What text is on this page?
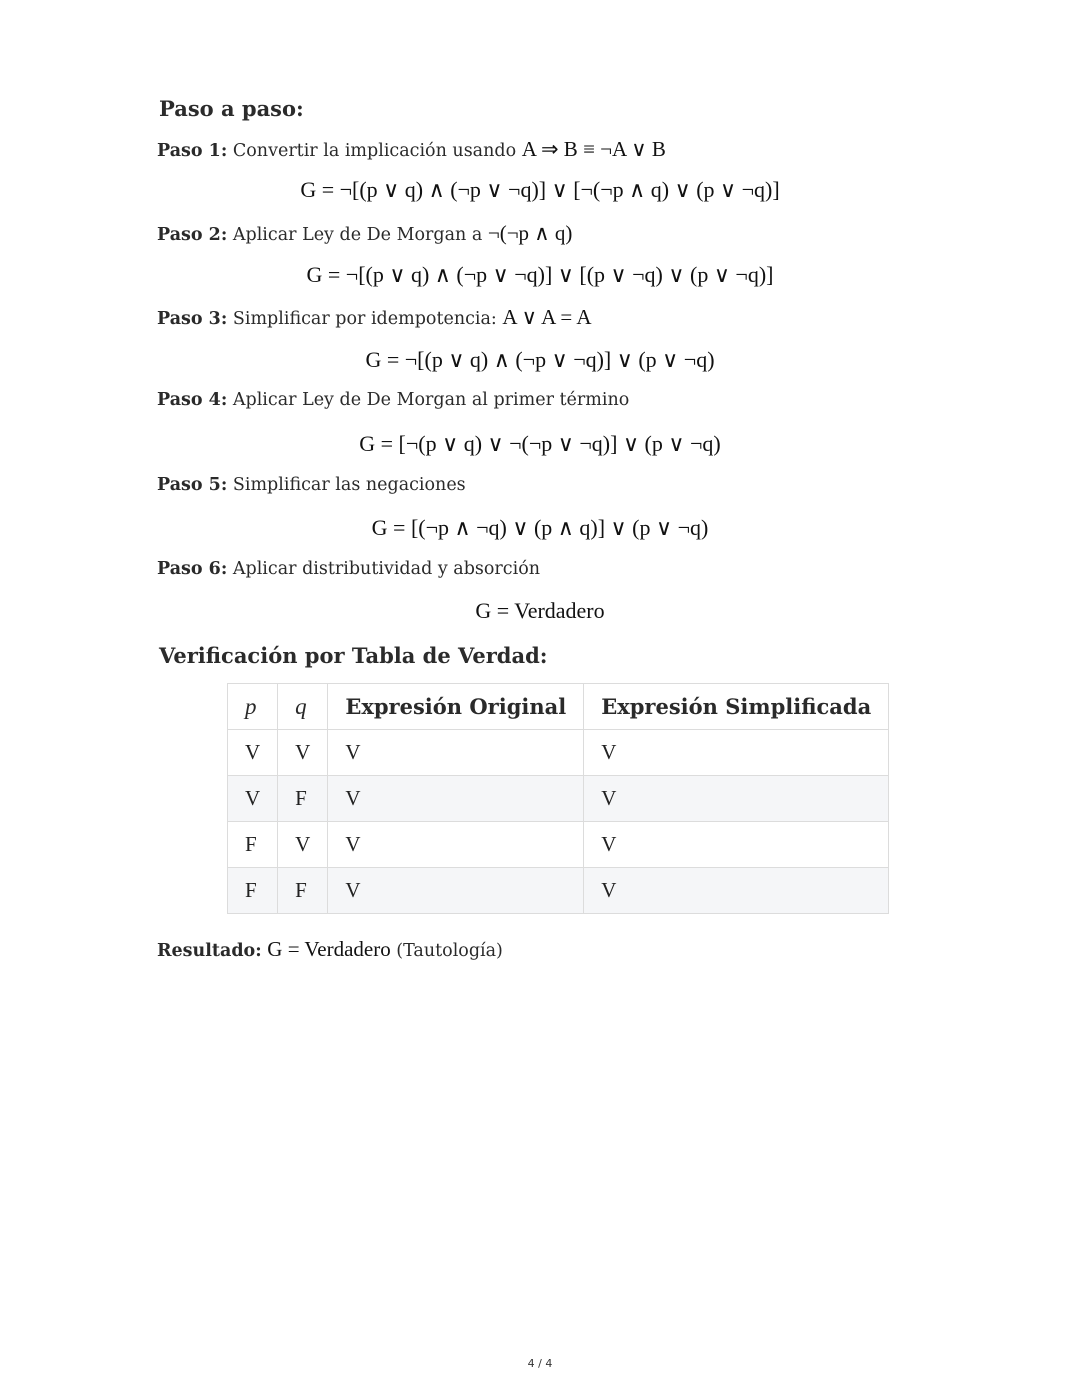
Paso a paso:
Paso 1: Convertir la implicación usando A ⇒ B ≡ ¬A ∨ B
G = ¬[(p ∨ q) ∧ (¬p ∨ ¬q)] ∨ [¬(¬p ∧ q) ∨ (p ∨ ¬q)]
Paso 2: Aplicar Ley de De Morgan a ¬(¬p ∧ q)
G = ¬[(p ∨ q) ∧ (¬p ∨ ¬q)] ∨ [(p ∨ ¬q) ∨ (p ∨ ¬q)]
Paso 3: Simplificar por idempotencia: A ∨ A = A
G = ¬[(p ∨ q) ∧ (¬p ∨ ¬q)] ∨ (p ∨ ¬q)
Paso 4: Aplicar Ley de De Morgan al primer término
G = [¬(p ∨ q) ∨ ¬(¬p ∨ ¬q)] ∨ (p ∨ ¬q)
Paso 5: Simplificar las negaciones
G = [(¬p ∧ ¬q) ∨ (p ∧ q)] ∨ (p ∨ ¬q)
Paso 6: Aplicar distributividad y absorción
G = Verdadero
Verificación por Tabla de Verdad:
p	q	Expresión Original	Expresión Simplificada
V	V	V	V
V	F	V	V
F	V	V	V
F	F	V	V
Resultado: G = Verdadero (Tautología)
4 / 4
